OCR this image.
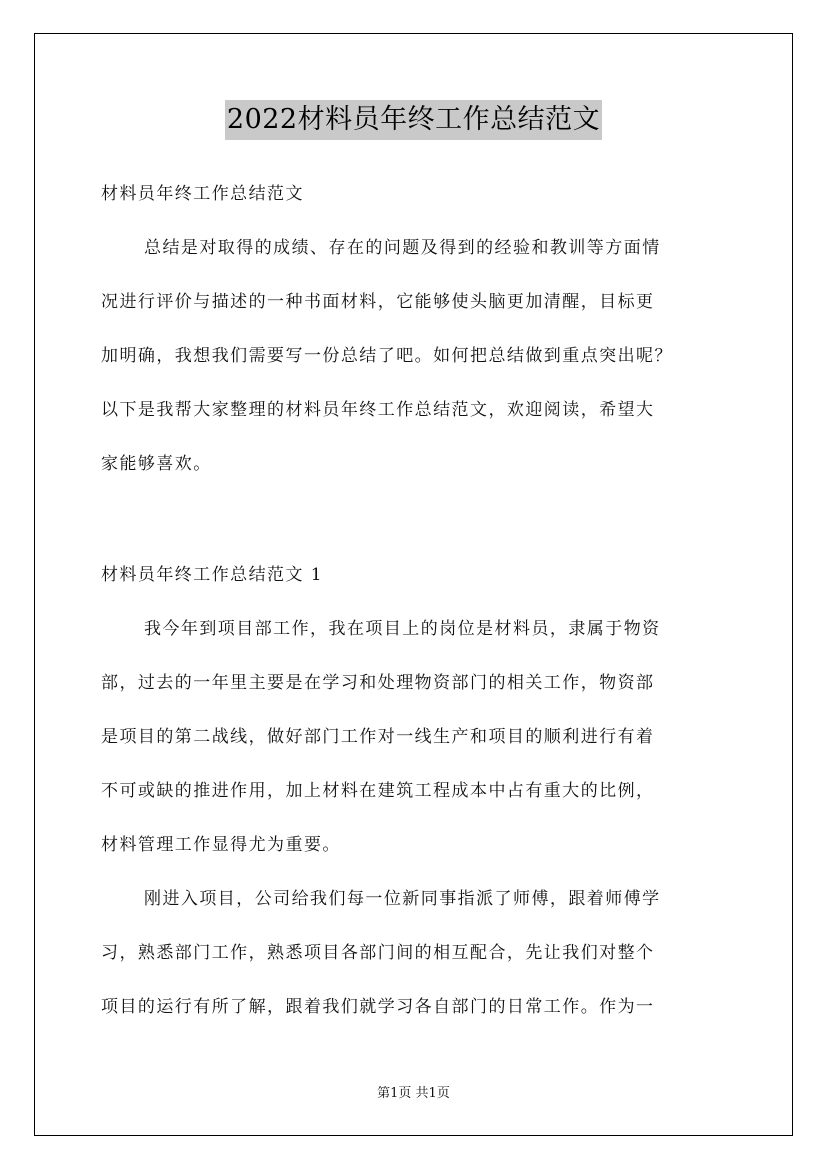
2022材料员年终工作总结范文
材料员年终工作总结范文
总结是对取得的成绩、存在的问题及得到的经验和教训等方面情
况进行评价与描述的一种书面材料，它能够使头脑更加清醒，目标更
加明确，我想我们需要写一份总结了吧。如何把总结做到重点突出呢？
以下是我帮大家整理的材料员年终工作总结范文，欢迎阅读，希望大
家能够喜欢。
材料员年终工作总结范文 1
我今年到项目部工作，我在项目上的岗位是材料员，隶属于物资
部，过去的一年里主要是在学习和处理物资部门的相关工作，物资部
是项目的第二战线，做好部门工作对一线生产和项目的顺利进行有着
不可或缺的推进作用，加上材料在建筑工程成本中占有重大的比例，
材料管理工作显得尤为重要。
刚进入项目，公司给我们每一位新同事指派了师傅，跟着师傅学
习，熟悉部门工作，熟悉项目各部门间的相互配合，先让我们对整个
项目的运行有所了解，跟着我们就学习各自部门的日常工作。作为一
第1页 共1页
